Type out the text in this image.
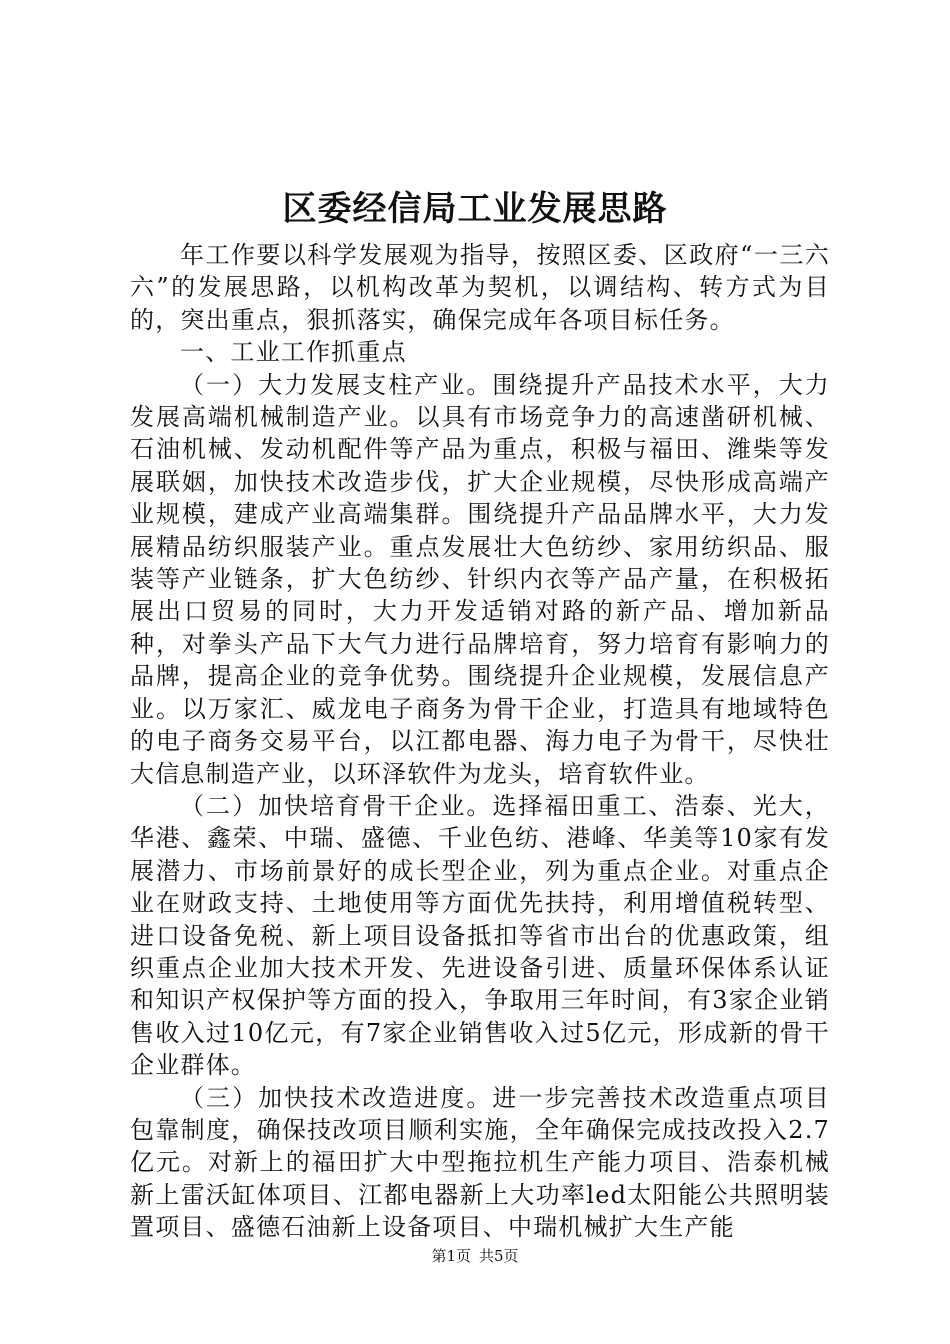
区委经信局工业发展思路

年工作要以科学发展观为指导，按照区委、区政府“一三六六”的发展思路，以机构改革为契机，以调结构、转方式为目的，突出重点，狠抓落实，确保完成年各项目标任务。

一、工业工作抓重点

（一）大力发展支柱产业。围绕提升产品技术水平，大力发展高端机械制造产业。以具有市场竞争力的高速凿研机械、石油机械、发动机配件等产品为重点，积极与福田、潍柴等发展联姻，加快技术改造步伐，扩大企业规模，尽快形成高端产业规模，建成产业高端集群。围绕提升产品品牌水平，大力发展精品纺织服装产业。重点发展壮大色纺纱、家用纺织品、服装等产业链条，扩大色纺纱、针织内衣等产品产量，在积极拓展出口贸易的同时，大力开发适销对路的新产品、增加新品种，对拳头产品下大气力进行品牌培育，努力培育有影响力的品牌，提高企业的竞争优势。围绕提升企业规模，发展信息产业。以万家汇、威龙电子商务为骨干企业，打造具有地域特色的电子商务交易平台，以江都电器、海力电子为骨干，尽快壮大信息制造产业，以环泽软件为龙头，培育软件业。

（二）加快培育骨干企业。选择福田重工、浩泰、光大，华港、鑫荣、中瑞、盛德、千业色纺、港峰、华美等10家有发展潜力、市场前景好的成长型企业，列为重点企业。对重点企业在财政支持、土地使用等方面优先扶持，利用增值税转型、进口设备免税、新上项目设备抵扣等省市出台的优惠政策，组织重点企业加大技术开发、先进设备引进、质量环保体系认证和知识产权保护等方面的投入，争取用三年时间，有3家企业销售收入过10亿元，有7家企业销售收入过5亿元，形成新的骨干企业群体。

（三）加快技术改造进度。进一步完善技术改造重点项目包靠制度，确保技改项目顺利实施，全年确保完成技改投入2.7亿元。对新上的福田扩大中型拖拉机生产能力项目、浩泰机械新上雷沃缸体项目、江都电器新上大功率led太阳能公共照明装置项目、盛德石油新上设备项目、中瑞机械扩大生产能

第1页 共5页
